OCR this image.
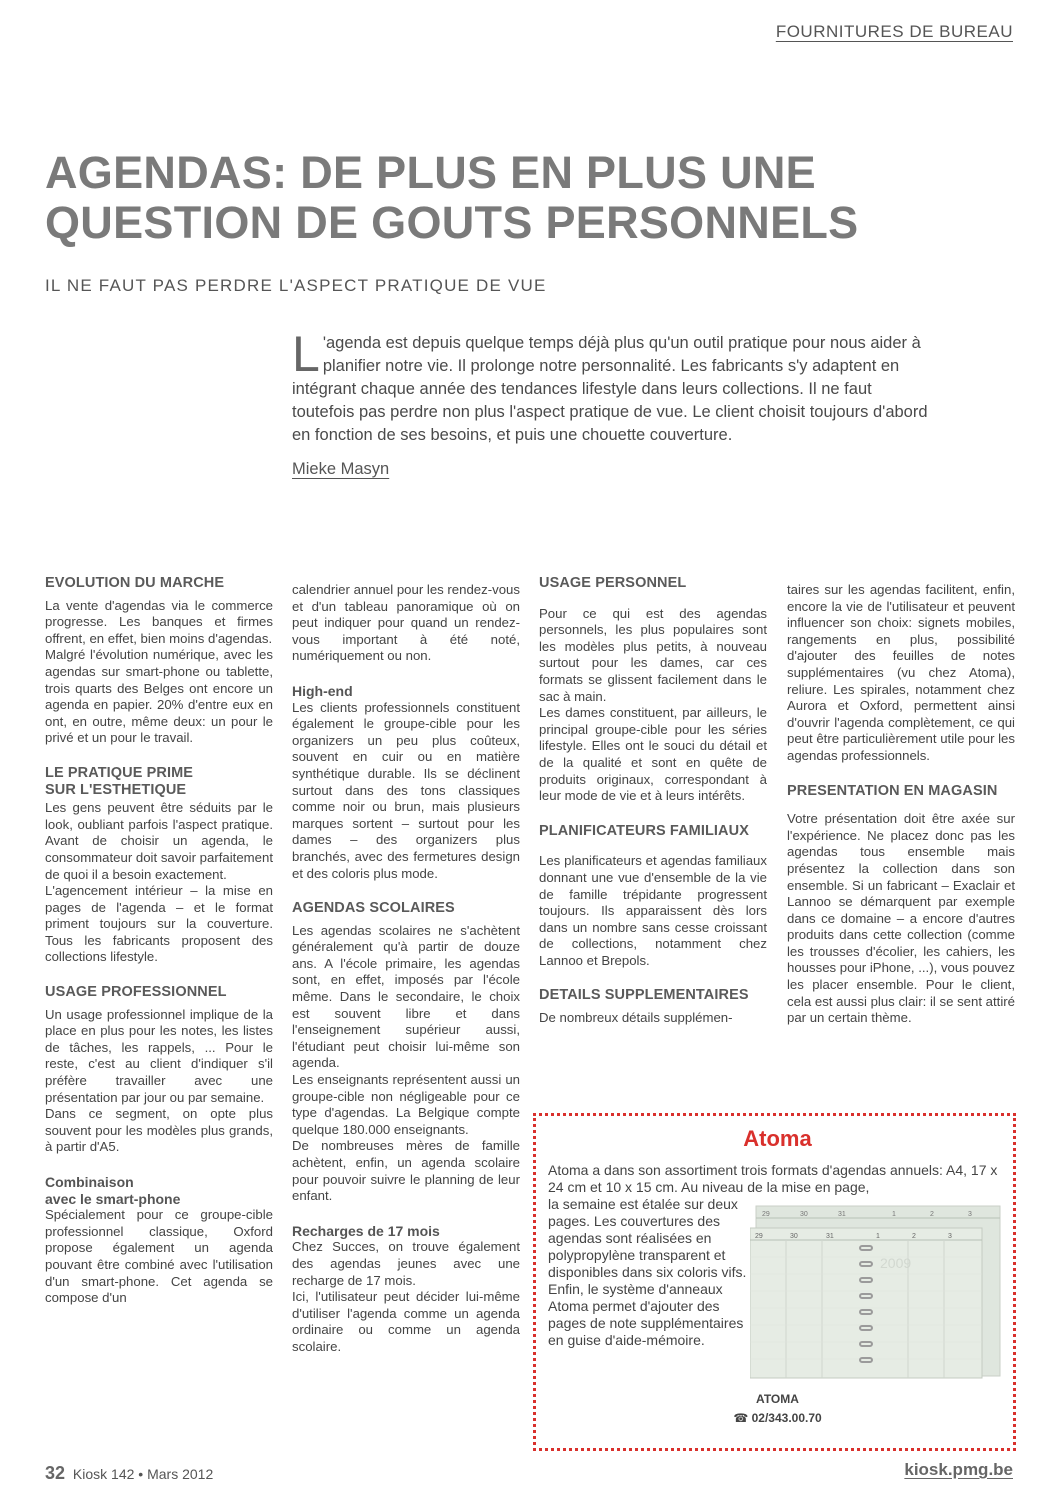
FOURNITURES DE BUREAU
AGENDAS: DE PLUS EN PLUS UNE QUESTION DE GOUTS PERSONNELS
IL NE FAUT PAS PERDRE L'ASPECT PRATIQUE DE VUE
L 'agenda est depuis quelque temps déjà plus qu'un outil pratique pour nous aider à planifier notre vie. Il prolonge notre personnalité. Les fabricants s'y adaptent en intégrant chaque année des tendances lifestyle dans leurs collections. Il ne faut toutefois pas perdre non plus l'aspect pratique de vue. Le client choisit toujours d'abord en fonction de ses besoins, et puis une chouette couverture.
Mieke Masyn
EVOLUTION DU MARCHE

La vente d'agendas via le commerce progresse. Les banques et firmes offrent, en effet, bien moins d'agendas.

Malgré l'évolution numérique, avec les agendas sur smart-phone ou tablette, trois quarts des Belges ont encore un agenda en papier. 20% d'entre eux en ont, en outre, même deux: un pour le privé et un pour le travail.

LE PRATIQUE PRIME
SUR L'ESTHETIQUE

Les gens peuvent être séduits par le look, oubliant parfois l'aspect pratique. Avant de choisir un agenda, le consommateur doit savoir parfaitement de quoi il a besoin exactement.

L'agencement intérieur – la mise en pages de l'agenda – et le format priment toujours sur la couverture. Tous les fabricants proposent des collections lifestyle.

USAGE PROFESSIONNEL

Un usage professionnel implique de la place en plus pour les notes, les listes de tâches, les rappels, ... Pour le reste, c'est au client d'indiquer s'il préfère travailler avec une présentation par jour ou par semaine.

Dans ce segment, on opte plus souvent pour les modèles plus grands, à partir d'A5.

Combinaison
avec le smart-phone

Spécialement pour ce groupe-cible professionnel classique, Oxford propose également un agenda pouvant être combiné avec l'utilisation d'un smart-phone. Cet agenda se compose d'un

calendrier annuel pour les rendez-vous et d'un tableau panoramique où on peut indiquer pour quand un rendez-vous important à été noté, numériquement ou non.

High-end

Les clients professionnels constituent également le groupe-cible pour les organizers un peu plus coûteux, souvent en cuir ou en matière synthétique durable. Ils se déclinent surtout dans des tons classiques comme noir ou brun, mais plusieurs marques sortent – surtout pour les dames – des organizers plus branchés, avec des fermetures design et des coloris plus mode.

AGENDAS SCOLAIRES

Les agendas scolaires ne s'achètent généralement qu'à partir de douze ans. A l'école primaire, les agendas sont, en effet, imposés par l'école même. Dans le secondaire, le choix est souvent libre et dans l'enseignement supérieur aussi, l'étudiant peut choisir lui-même son agenda.

Les enseignants représentent aussi un groupe-cible non négligeable pour ce type d'agendas. La Belgique compte quelque 180.000 enseignants.

De nombreuses mères de famille achètent, enfin, un agenda scolaire pour pouvoir suivre le planning de leur enfant.

Recharges de 17 mois

Chez Succes, on trouve également des agendas jeunes avec une recharge de 17 mois.

Ici, l'utilisateur peut décider lui-même d'utiliser l'agenda comme un agenda ordinaire ou comme un agenda scolaire.

USAGE PERSONNEL

Pour ce qui est des agendas personnels, les plus populaires sont les modèles plus petits, à nouveau surtout pour les dames, car ces formats se glissent facilement dans le sac à main.

Les dames constituent, par ailleurs, le principal groupe-cible pour les séries lifestyle. Elles ont le souci du détail et de la qualité et sont en quête de produits originaux, correspondant à leur mode de vie et à leurs intérêts.

PLANIFICATEURS FAMILIAUX

Les planificateurs et agendas familiaux donnant une vue d'ensemble de la vie de famille trépidante progressent toujours. Ils apparaissent dès lors dans un nombre sans cesse croissant de collections, notamment chez Lannoo et Brepols.

DETAILS SUPPLEMENTAIRES

De nombreux détails supplémen-

taires sur les agendas facilitent, enfin, encore la vie de l'utilisateur et peuvent influencer son choix: signets mobiles, rangements en plus, possibilité d'ajouter des feuilles de notes supplémentaires (vu chez Atoma), reliure. Les spirales, notamment chez Aurora et Oxford, permettent ainsi d'ouvrir l'agenda complètement, ce qui peut être particulièrement utile pour les agendas professionnels.

PRESENTATION EN MAGASIN

Votre présentation doit être axée sur l'expérience. Ne placez donc pas les agendas tous ensemble mais présentez la collection dans son ensemble. Si un fabricant – Exaclair et Lannoo se démarquent par exemple dans ce domaine – a encore d'autres produits dans cette collection (comme les trousses d'écolier, les cahiers, les housses pour iPhone, ...), vous pouvez les placer ensemble. Pour le client, cela est aussi plus clair: il se sent attiré par un certain thème.

Atoma
Atoma a dans son assortiment trois formats d'agendas annuels: A4, 17 x 24 cm et 10 x 15 cm. Au niveau de la mise en page,

la semaine est étalée sur deux pages. Les couvertures des agendas sont réalisées en polypropylène transparent et disponibles dans six coloris vifs.

Enfin, le système d'anneaux Atoma permet d'ajouter des pages de note supplémentaires en guise d'aide-mémoire.

29	30	31	1	2	3
29	30	31	1	2	3
2009
ATOMA
☎ 02/343.00.70
32 Kiosk 142 • Mars 2012	kiosk.pmg.be
